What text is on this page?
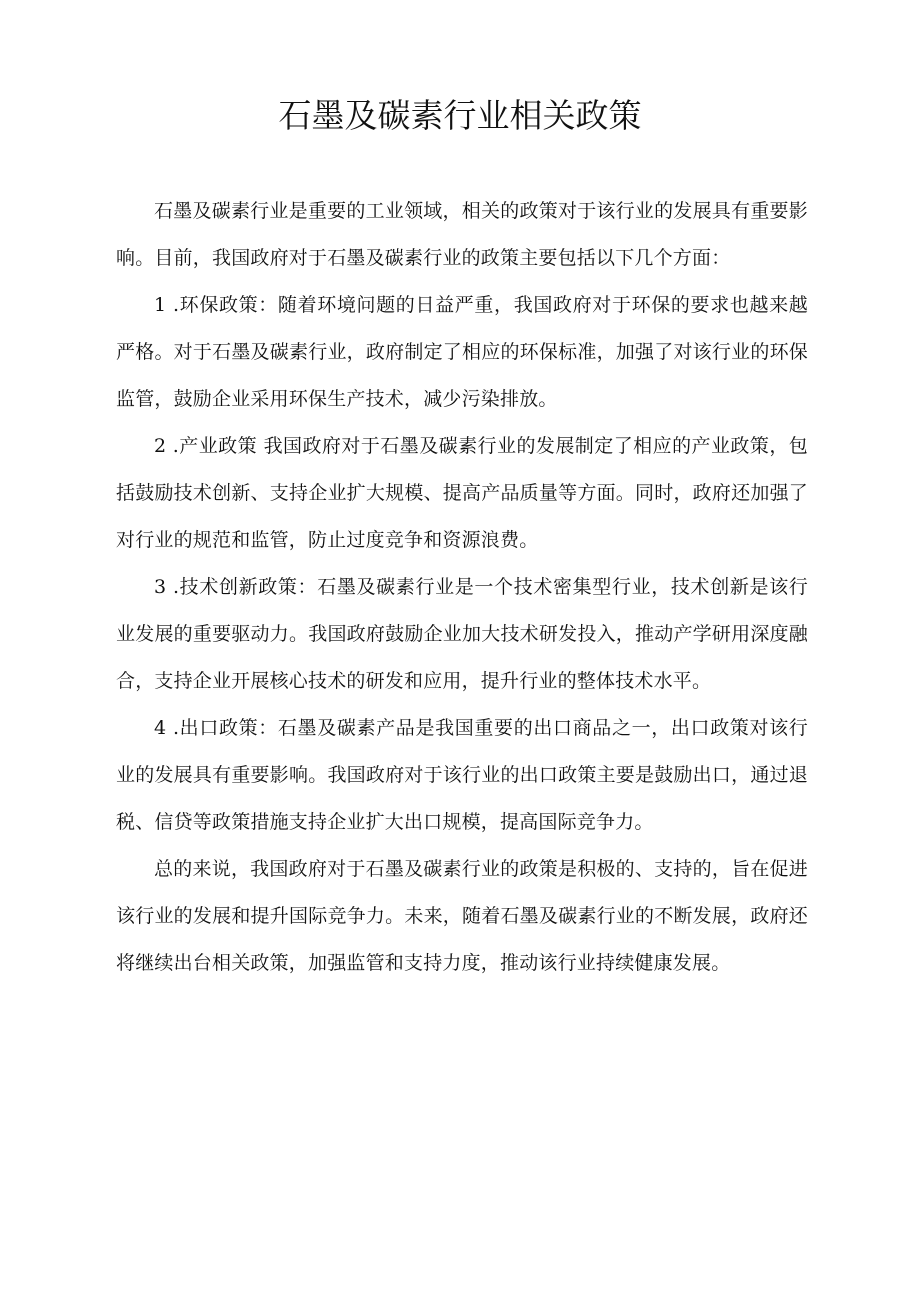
石墨及碳素行业相关政策

石墨及碳素行业是重要的工业领域，相关的政策对于该行业的发展具有重要影响。目前，我国政府对于石墨及碳素行业的政策主要包括以下几个方面：

1 .环保政策：随着环境问题的日益严重，我国政府对于环保的要求也越来越严格。对于石墨及碳素行业，政府制定了相应的环保标准，加强了对该行业的环保监管，鼓励企业采用环保生产技术，减少污染排放。

2 .产业政策 我国政府对于石墨及碳素行业的发展制定了相应的产业政策，包括鼓励技术创新、支持企业扩大规模、提高产品质量等方面。同时，政府还加强了对行业的规范和监管，防止过度竞争和资源浪费。

3 .技术创新政策：石墨及碳素行业是一个技术密集型行业，技术创新是该行业发展的重要驱动力。我国政府鼓励企业加大技术研发投入，推动产学研用深度融合，支持企业开展核心技术的研发和应用，提升行业的整体技术水平。

4 .出口政策：石墨及碳素产品是我国重要的出口商品之一，出口政策对该行业的发展具有重要影响。我国政府对于该行业的出口政策主要是鼓励出口，通过退税、信贷等政策措施支持企业扩大出口规模，提高国际竞争力。

总的来说，我国政府对于石墨及碳素行业的政策是积极的、支持的，旨在促进该行业的发展和提升国际竞争力。未来，随着石墨及碳素行业的不断发展，政府还将继续出台相关政策，加强监管和支持力度，推动该行业持续健康发展。
